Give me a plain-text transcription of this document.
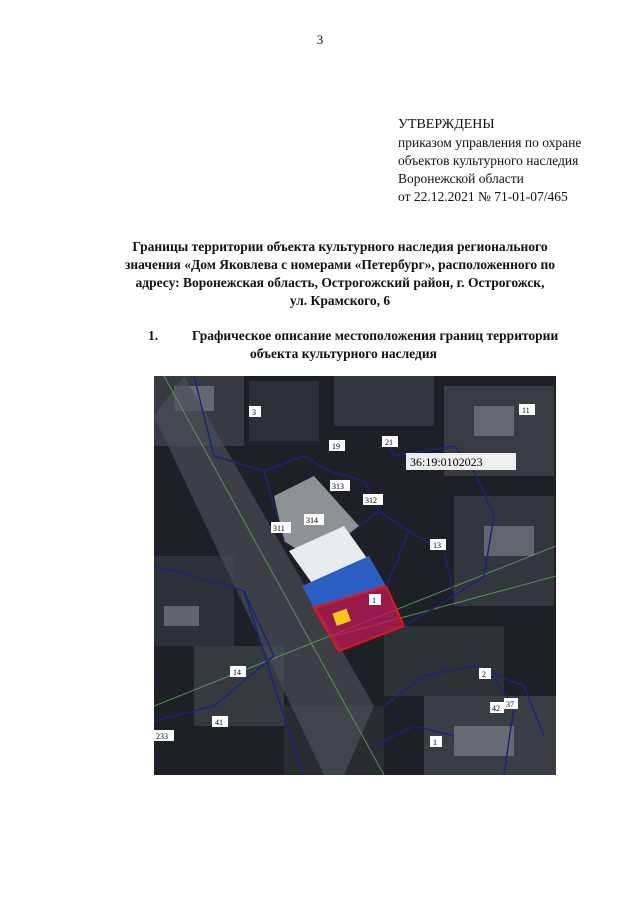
3
УТВЕРЖДЕНЫ
приказом управления по охране
объектов культурного наследия
Воронежской области
от 22.12.2021 № 71-01-07/465
Границы территории объекта культурного наследия регионального
значения «Дом Яковлева с номерами «Петербург», расположенного по
адресу: Воронежская область, Острогожский район, г. Острогожск,
ул. Крамского, 6
1.	Графическое описание местоположения границ территории
объекта культурного наследия
3	11
19	21
313
312
314
311
13
1
14
41
233
2
42 37
1
36:19:0102023
